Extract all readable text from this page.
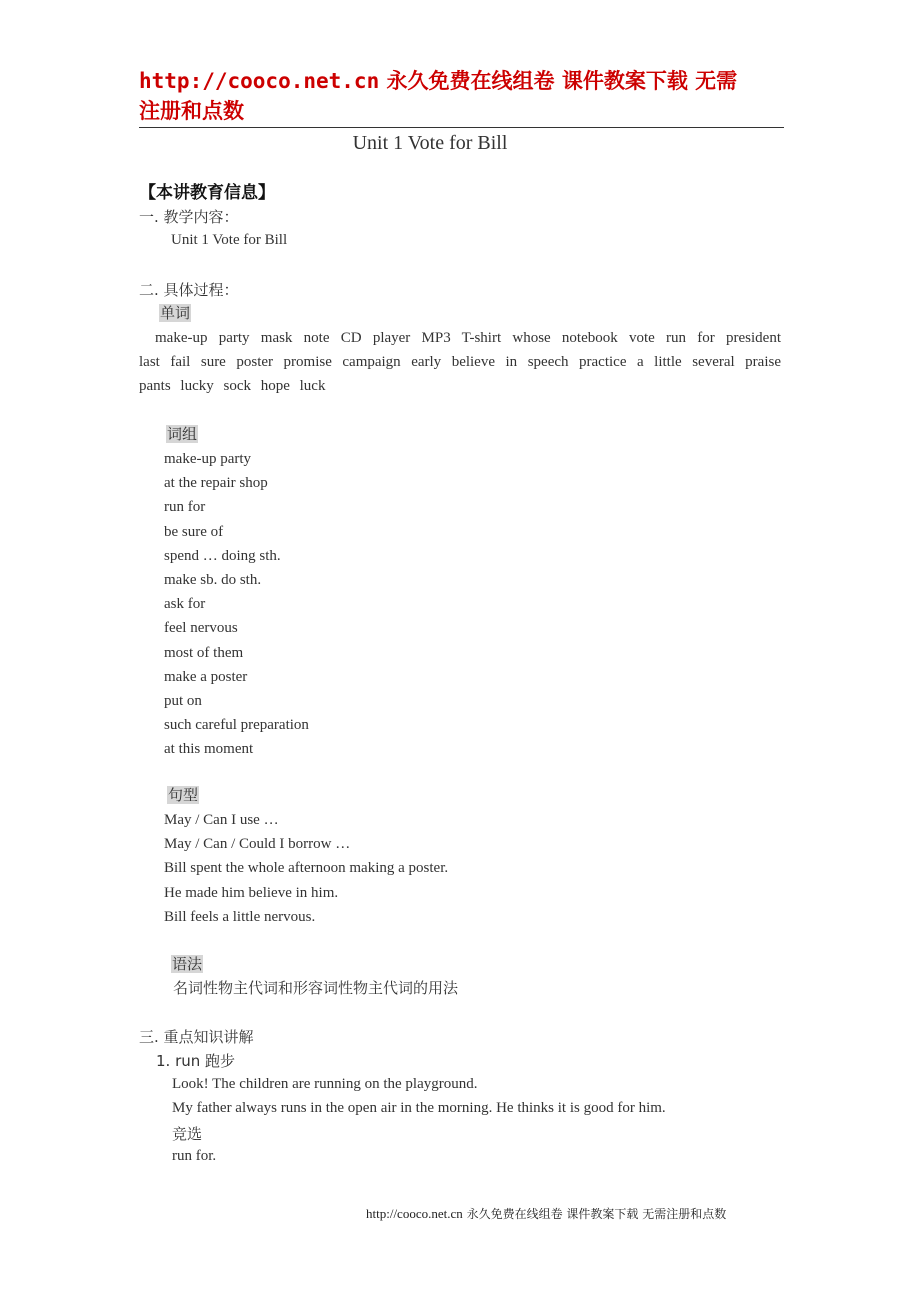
http://cooco.net.cn 永久免费在线组卷 课件教案下载 无需
注册和点数
Unit 1 Vote for Bill
【本讲教育信息】
一. 教学内容：
Unit 1 Vote for Bill
二. 具体过程：
单词
make-up party mask note CD player MP3 T-shirt whose notebook vote run for president last fail sure poster promise campaign early believe in speech practice a little several praise pants lucky sock hope luck
词组
make-up party
at the repair shop
run for
be sure of
spend … doing sth.
make sb. do sth.
ask for
feel nervous
most of them
make a poster
put on
such careful preparation
at this moment
句型
May / Can I use …
May / Can / Could I borrow …
Bill spent the whole afternoon making a poster.
He made him believe in him.
Bill feels a little nervous.
语法
名词性物主代词和形容词性物主代词的用法
三. 重点知识讲解
1. run 跑步
Look! The children are running on the playground.
My father always runs in the open air in the morning. He thinks it is good for him.
竞选
run for.
http://cooco.net.cn 永久免费在线组卷 课件教案下载 无需注册和点数
